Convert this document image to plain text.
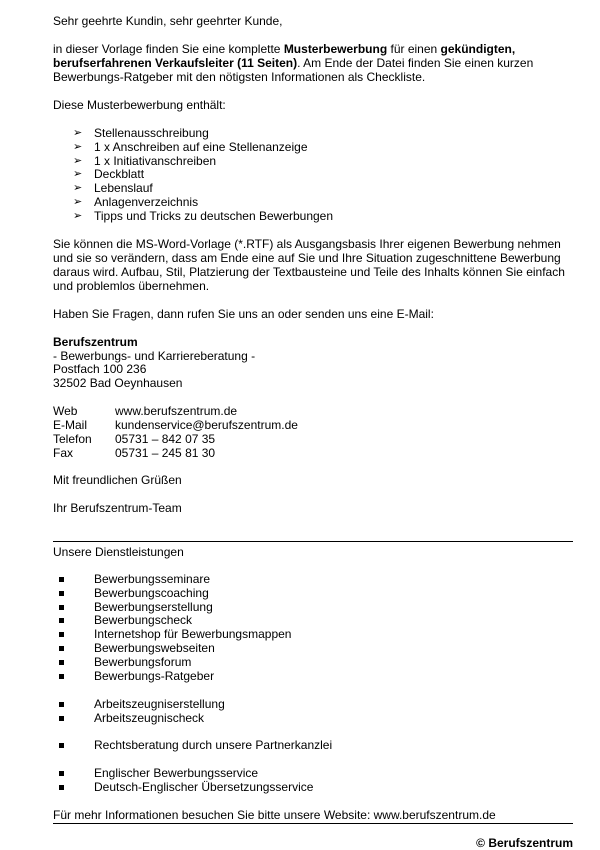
Sehr geehrte Kundin, sehr geehrter Kunde,
in dieser Vorlage finden Sie eine komplette Musterbewerbung für einen gekündigten, berufserfahrenen Verkaufsleiter (11 Seiten). Am Ende der Datei finden Sie einen kurzen Bewerbungs-Ratgeber mit den nötigsten Informationen als Checkliste.
Diese Musterbewerbung enthält:
➢ Stellenausschreibung
➢ 1 x Anschreiben auf eine Stellenanzeige
➢ 1 x Initiativanschreiben
➢ Deckblatt
➢ Lebenslauf
➢ Anlagenverzeichnis
➢ Tipps und Tricks zu deutschen Bewerbungen
Sie können die MS-Word-Vorlage (*.RTF) als Ausgangsbasis Ihrer eigenen Bewerbung nehmen und sie so verändern, dass am Ende eine auf Sie und Ihre Situation zugeschnittene Bewerbung daraus wird. Aufbau, Stil, Platzierung der Textbausteine und Teile des Inhalts können Sie einfach und problemlos übernehmen.
Haben Sie Fragen, dann rufen Sie uns an oder senden uns eine E-Mail:
Berufszentrum
- Bewerbungs- und Karriereberatung -
Postfach 100 236
32502 Bad Oeynhausen
Web	www.berufszentrum.de
E-Mail kundenservice@berufszentrum.de
Telefon 05731 – 842 07 35
Fax	05731 – 245 81 30
Mit freundlichen Grüßen
Ihr Berufszentrum-Team
Unsere Dienstleistungen
Bewerbungsseminare
Bewerbungscoaching
Bewerbungserstellung
Bewerbungscheck
Internetshop für Bewerbungsmappen
Bewerbungswebseiten
Bewerbungsforum
Bewerbungs-Ratgeber
Arbeitszeugniserstellung
Arbeitszeugnischeck
Rechtsberatung durch unsere Partnerkanzlei
Englischer Bewerbungsservice
Deutsch-Englischer Übersetzungsservice
Für mehr Informationen besuchen Sie bitte unsere Website: www.berufszentrum.de
© Berufszentrum
